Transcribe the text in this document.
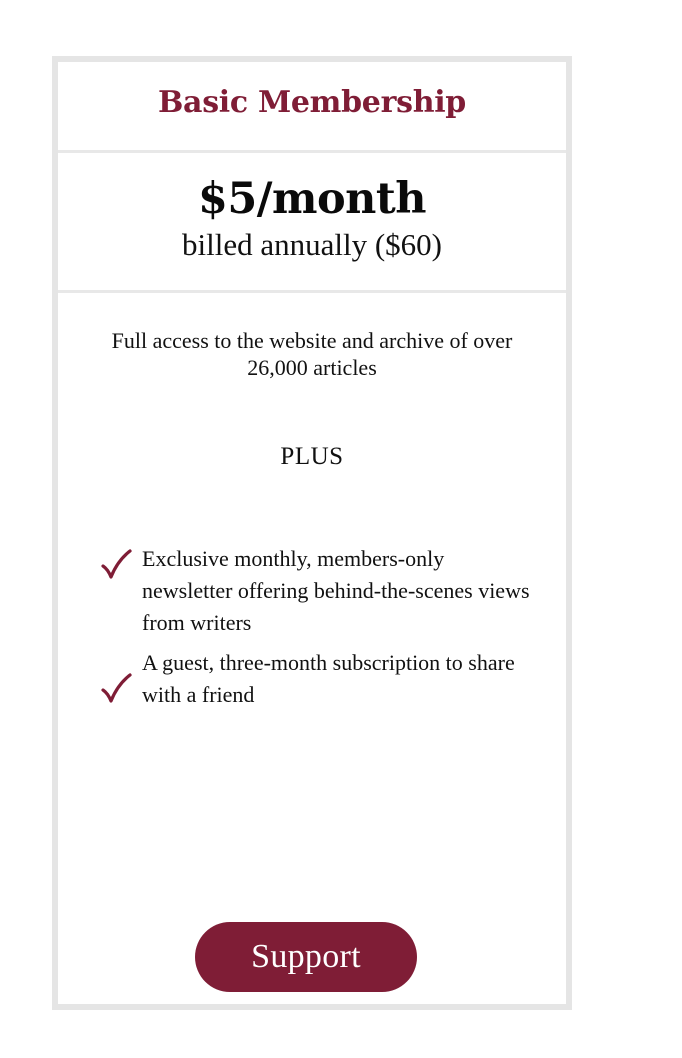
Basic Membership
$5/month
billed annually ($60)
Full access to the website and archive of over 26,000 articles
PLUS
Exclusive monthly, members-only newsletter offering behind-the-scenes views from writers
A guest, three-month subscription to share with a friend
Support
